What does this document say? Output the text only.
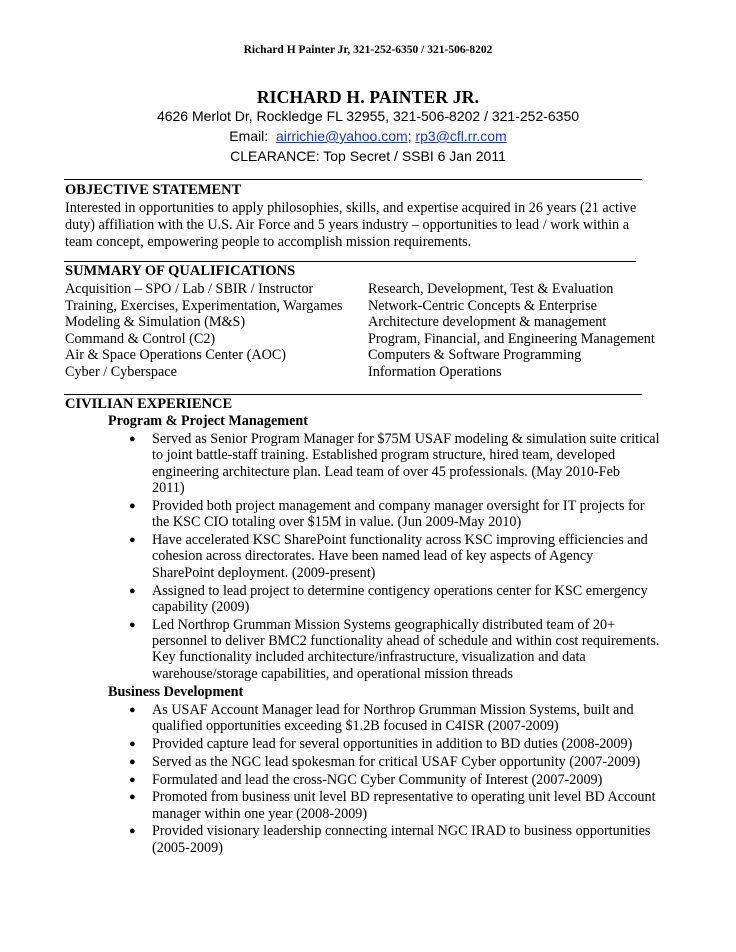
Richard H Painter Jr, 321-252-6350 / 321-506-8202
RICHARD H. PAINTER JR.
4626 Merlot Dr, Rockledge FL 32955, 321-506-8202 / 321-252-6350
Email: airrichie@yahoo.com; rp3@cfl.rr.com
CLEARANCE: Top Secret / SSBI 6 Jan 2011
OBJECTIVE STATEMENT
Interested in opportunities to apply philosophies, skills, and expertise acquired in 26 years (21 active
duty) affiliation with the U.S. Air Force and 5 years industry – opportunities to lead / work within a
team concept, empowering people to accomplish mission requirements.
SUMMARY OF QUALIFICATIONS
Acquisition – SPO / Lab / SBIR / Instructor
Training, Exercises, Experimentation, Wargames
Modeling & Simulation (M&S)
Command & Control (C2)
Air & Space Operations Center (AOC)
Cyber / Cyberspace
Research, Development, Test & Evaluation
Network-Centric Concepts & Enterprise
Architecture development & management
Program, Financial, and Engineering Management
Computers & Software Programming
Information Operations
CIVILIAN EXPERIENCE
Program & Project Management
● Served as Senior Program Manager for $75M USAF modeling & simulation suite critical
to joint battle-staff training. Established program structure, hired team, developed
engineering architecture plan. Lead team of over 45 professionals. (May 2010-Feb
2011)
● Provided both project management and company manager oversight for IT projects for
the KSC CIO totaling over $15M in value. (Jun 2009-May 2010)
● Have accelerated KSC SharePoint functionality across KSC improving efficiencies and
cohesion across directorates. Have been named lead of key aspects of Agency
SharePoint deployment. (2009-present)
● Assigned to lead project to determine contigency operations center for KSC emergency
capability (2009)
● Led Northrop Grumman Mission Systems geographically distributed team of 20+
personnel to deliver BMC2 functionality ahead of schedule and within cost requirements.
Key functionality included architecture/infrastructure, visualization and data
warehouse/storage capabilities, and operational mission threads
Business Development
● As USAF Account Manager lead for Northrop Grumman Mission Systems, built and
qualified opportunities exceeding $1.2B focused in C4ISR (2007-2009)
● Provided capture lead for several opportunities in addition to BD duties (2008-2009)
● Served as the NGC lead spokesman for critical USAF Cyber opportunity (2007-2009)
● Formulated and lead the cross-NGC Cyber Community of Interest (2007-2009)
● Promoted from business unit level BD representative to operating unit level BD Account
manager within one year (2008-2009)
● Provided visionary leadership connecting internal NGC IRAD to business opportunities
(2005-2009)
